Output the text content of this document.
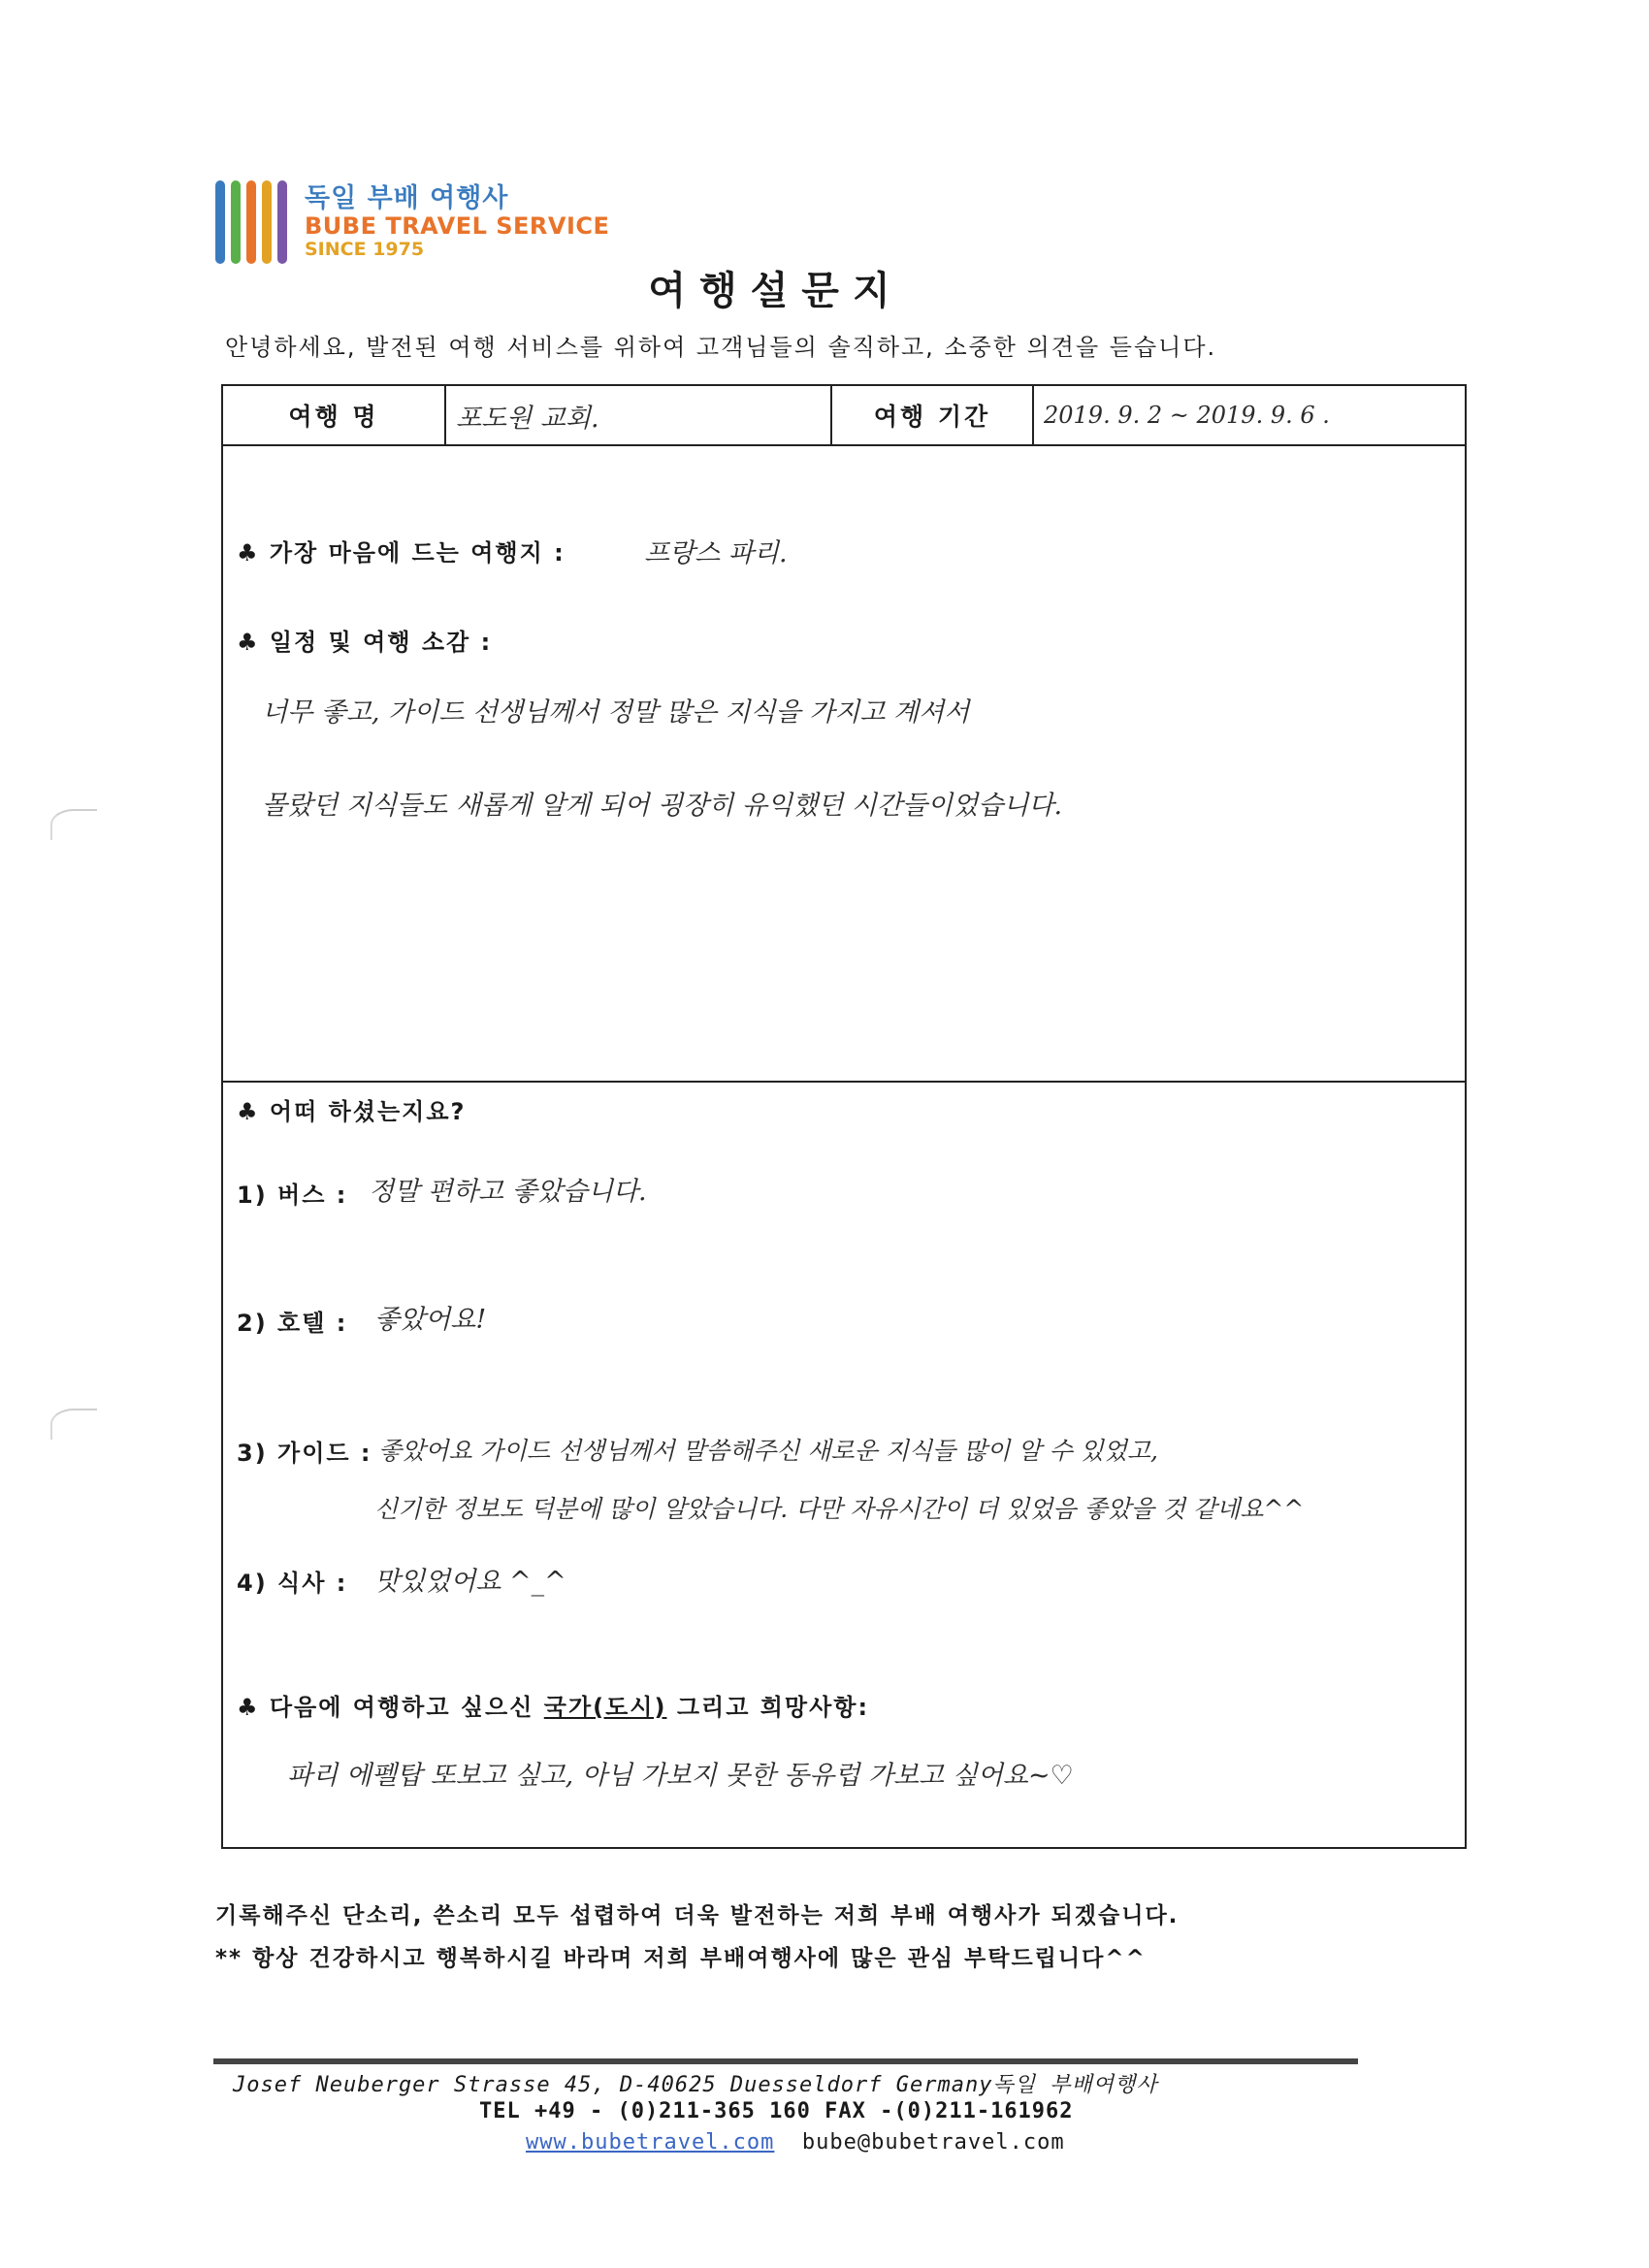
독일 부배 여행사
BUBE TRAVEL SERVICE
SINCE 1975
여행설문지
안녕하세요, 발전된 여행 서비스를 위하여 고객님들의 솔직하고, 소중한 의견을 듣습니다.
여행 명	포도원 교회.	여행 기간	2019. 9. 2 ~ 2019. 9. 6 .
♣ 가장 마음에 드는 여행지 :	프랑스 파리.
♣ 일정 및 여행 소감 :
너무 좋고, 가이드 선생님께서 정말 많은 지식을 가지고 계셔서
몰랐던 지식들도 새롭게 알게 되어 굉장히 유익했던 시간들이었습니다.
♣ 어떠 하셨는지요?
1) 버스 : 정말 편하고 좋았습니다.
2) 호텔 : 좋았어요!
3) 가이드 : 좋았어요 가이드 선생님께서 말씀해주신 새로운 지식들 많이 알 수 있었고,
신기한 정보도 덕분에 많이 알았습니다. 다만 자유시간이 더 있었음 좋았을 것 같네요^^
4) 식사 : 맛있었어요 ^_^
♣ 다음에 여행하고 싶으신 국가(도시) 그리고 희망사항:
파리 에펠탑 또보고 싶고, 아님 가보지 못한 동유럽 가보고 싶어요~♡
기록해주신 단소리, 쓴소리 모두 섭렵하여 더욱 발전하는 저희 부배 여행사가 되겠습니다.
** 항상 건강하시고 행복하시길 바라며 저희 부배여행사에 많은 관심 부탁드립니다^^
Josef Neuberger Strasse 45, D-40625 Duesseldorf Germany독일 부배여행사
TEL +49 - (0)211-365 160 FAX -(0)211-161962
www.bubetravel.com bube@bubetravel.com
